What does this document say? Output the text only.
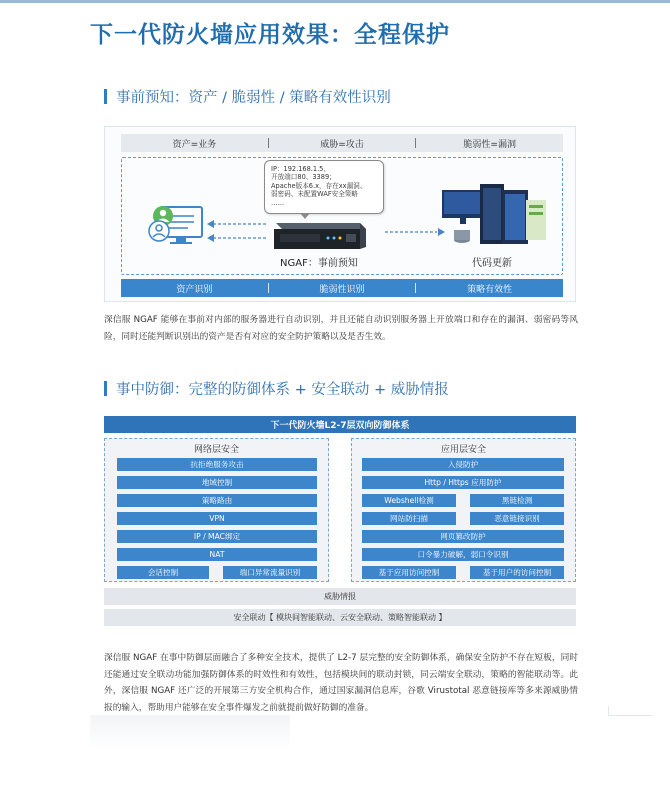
下一代防火墙应用效果：全程保护
事前预知：资产 / 脆弱性 / 策略有效性识别
资产=业务	威胁=攻击	脆弱性=漏洞
资产识别	脆弱性识别	策略有效性
IP：192.168.1.5、
开放端口80、3389；
Apache版本6.x，存在xx漏洞、
弱密码、未配置WAF安全策略
……
NGAF：事前预知	代码更新
深信服 NGAF 能够在事前对内部的服务器进行自动识别，并且还能自动识别服务器上开放端口和存在的漏洞、弱密码等风险，同时还能判断识别出的资产是否有对应的安全防护策略以及是否生效。
事中防御：完整的防御体系 + 安全联动 + 威胁情报
下一代防火墙L2-7层双向防御体系
网络层安全
抗拒绝服务攻击
地域控制
策略路由
VPN
IP / MAC绑定
NAT
会话控制	端口异常流量识别
应用层安全
入侵防护
Http / Https 应用防护
Webshell检测	黑链检测
网站防扫描	恶意链接识别
网页篡改防护
口令暴力破解，弱口令识别
基于应用访问控制	基于用户的访问控制
威胁情报
安全联动【 模块间智能联动、云安全联动、策略智能联动 】
深信服 NGAF 在事中防御层面融合了多种安全技术，提供了 L2-7 层完整的安全防御体系，确保安全防护不存在短板，同时还能通过安全联动功能加强防御体系的时效性和有效性，包括模块间的联动封锁，同云端安全联动，策略的智能联动等。此外，深信服 NGAF 还广泛的开展第三方安全机构合作，通过国家漏洞信息库，谷歌 Virustotal 恶意链接库等多来源威胁情报的输入，帮助用户能够在安全事件爆发之前就提前做好防御的准备。
